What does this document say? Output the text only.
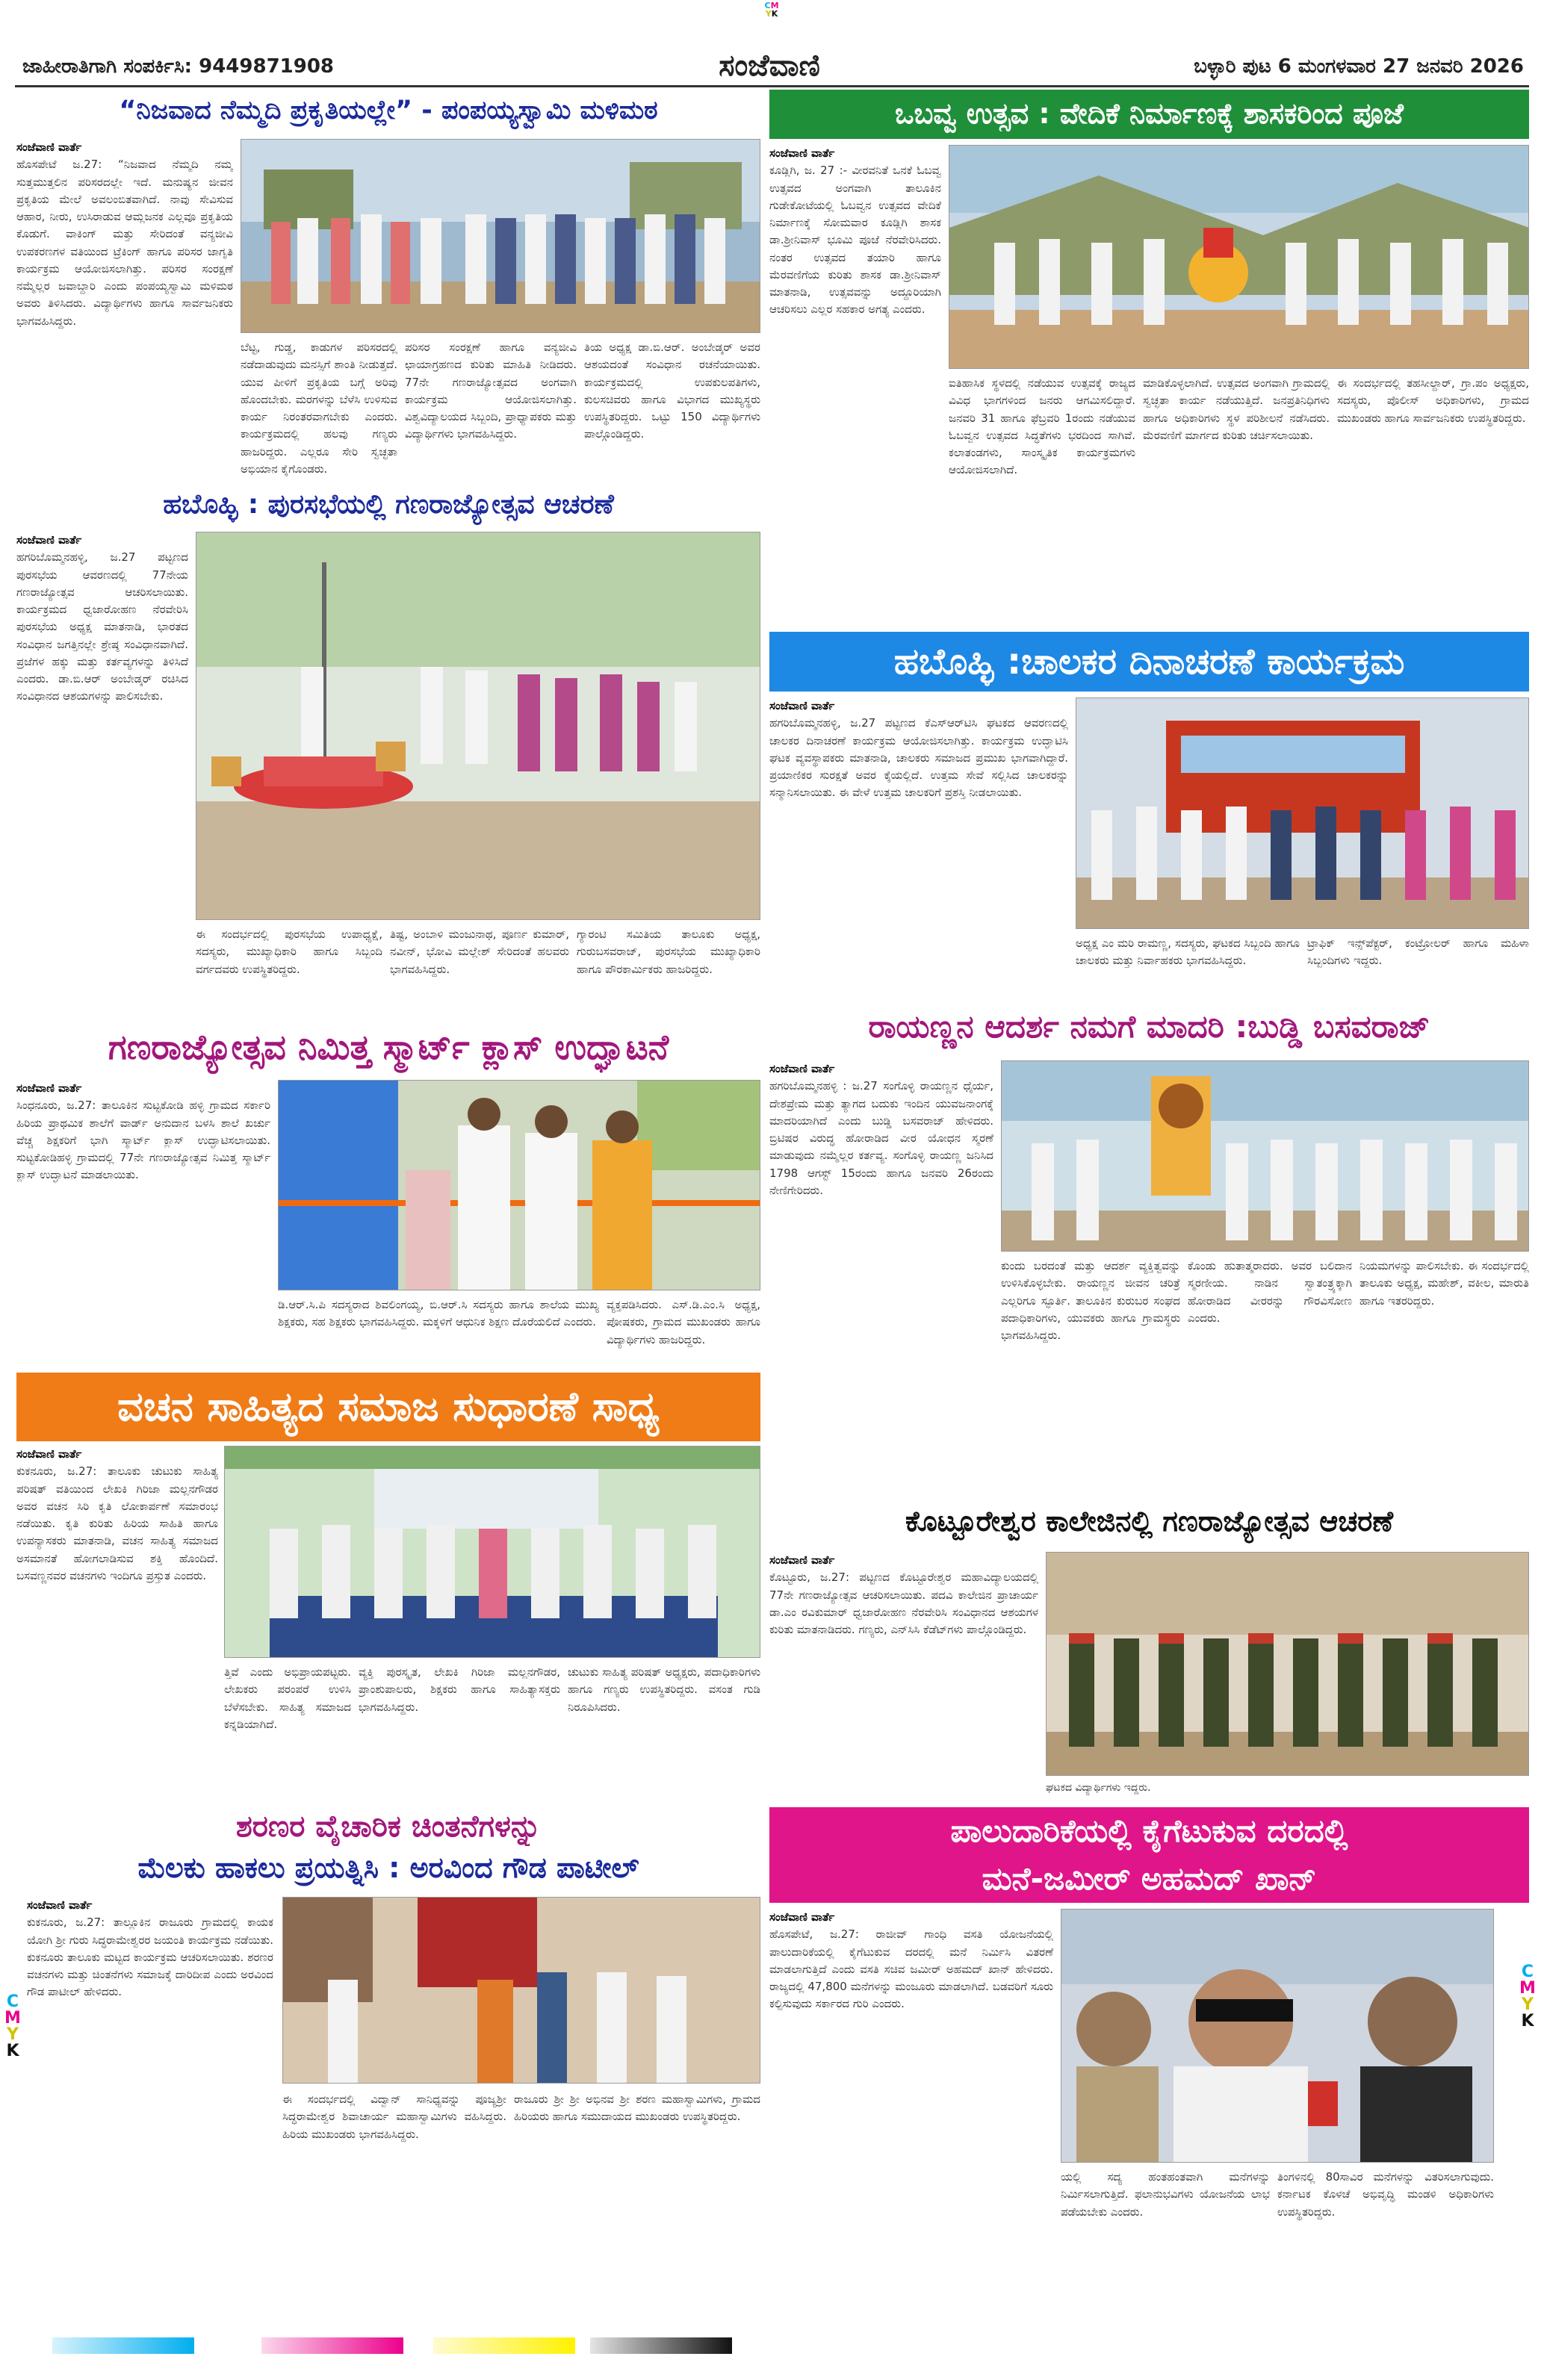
CM
YK
ಜಾಹೀರಾತಿಗಾಗಿ ಸಂಪರ್ಕಿಸಿ: 9449871908	ಸಂಜೆವಾಣಿ	ಬಳ್ಳಾರಿ ಪುಟ 6 ಮಂಗಳವಾರ 27 ಜನವರಿ 2026
“ನಿಜವಾದ ನೆಮ್ಮದಿ ಪ್ರಕೃತಿಯಲ್ಲೇ” - ಪಂಪಯ್ಯಸ್ವಾಮಿ ಮಳಿಮಠ
ಸಂಜೆವಾಣಿ ವಾರ್ತೆ
ಹೊಸಪೇಟೆ ಜ.27: “ನಿಜವಾದ ನೆಮ್ಮದಿ ನಮ್ಮ ಸುತ್ತಮುತ್ತಲಿನ ಪರಿಸರದಲ್ಲೇ ಇದೆ. ಮನುಷ್ಯನ ಜೀವನ ಪ್ರಕೃತಿಯ ಮೇಲೆ ಅವಲಂಬಿತವಾಗಿದೆ. ನಾವು ಸೇವಿಸುವ ಆಹಾರ, ನೀರು, ಉಸಿರಾಡುವ ಆಮ್ಲಜನಕ ಎಲ್ಲವೂ ಪ್ರಕೃತಿಯ ಕೊಡುಗೆ. ವಾಕಿಂಗ್ ಮತ್ತು ಸೇರಿದಂತೆ ವನ್ಯಜೀವಿ ಉಪಕರಣಗಳ ವತಿಯಿಂದ ಟ್ರೆಕಿಂಗ್ ಹಾಗೂ ಪರಿಸರ ಜಾಗೃತಿ ಕಾರ್ಯಕ್ರಮ ಆಯೋಜಿಸಲಾಗಿತ್ತು. ಪರಿಸರ ಸಂರಕ್ಷಣೆ ನಮ್ಮೆಲ್ಲರ ಜವಾಬ್ದಾರಿ ಎಂದು ಪಂಪಯ್ಯಸ್ವಾಮಿ ಮಳಿಮಠ ಅವರು ತಿಳಿಸಿದರು. ವಿದ್ಯಾರ್ಥಿಗಳು ಹಾಗೂ ಸಾರ್ವಜನಿಕರು ಭಾಗವಹಿಸಿದ್ದರು.
ಬೆಟ್ಟ, ಗುಡ್ಡ, ಕಾಡುಗಳ ಪರಿಸರದಲ್ಲಿ ನಡೆದಾಡುವುದು ಮನಸ್ಸಿಗೆ ಶಾಂತಿ ನೀಡುತ್ತದೆ. ಯುವ ಪೀಳಿಗೆ ಪ್ರಕೃತಿಯ ಬಗ್ಗೆ ಅರಿವು ಹೊಂದಬೇಕು. ಮರಗಳನ್ನು ಬೆಳೆಸಿ ಉಳಿಸುವ ಕಾರ್ಯ ನಿರಂತರವಾಗಬೇಕು ಎಂದರು. ಕಾರ್ಯಕ್ರಮದಲ್ಲಿ ಹಲವು ಗಣ್ಯರು ಹಾಜರಿದ್ದರು. ಎಲ್ಲರೂ ಸೇರಿ ಸ್ವಚ್ಛತಾ ಅಭಿಯಾನ ಕೈಗೊಂಡರು.
ಪರಿಸರ ಸಂರಕ್ಷಣೆ ಹಾಗೂ ವನ್ಯಜೀವಿ ಛಾಯಾಗ್ರಹಣದ ಕುರಿತು ಮಾಹಿತಿ ನೀಡಿದರು. 77ನೇ ಗಣರಾಜ್ಯೋತ್ಸವದ ಅಂಗವಾಗಿ ಕಾರ್ಯಕ್ರಮ ಆಯೋಜಿಸಲಾಗಿತ್ತು. ವಿಶ್ವವಿದ್ಯಾಲಯದ ಸಿಬ್ಬಂದಿ, ಪ್ರಾಧ್ಯಾಪಕರು ಮತ್ತು ವಿದ್ಯಾರ್ಥಿಗಳು ಭಾಗವಹಿಸಿದ್ದರು.
ತಿಯ ಅಧ್ಯಕ್ಷ ಡಾ.ಬಿ.ಆರ್. ಅಂಬೇಡ್ಕರ್ ಅವರ ಆಶಯದಂತೆ ಸಂವಿಧಾನ ರಚನೆಯಾಯಿತು. ಕಾರ್ಯಕ್ರಮದಲ್ಲಿ ಉಪಕುಲಪತಿಗಳು, ಕುಲಸಚಿವರು ಹಾಗೂ ವಿಭಾಗದ ಮುಖ್ಯಸ್ಥರು ಉಪಸ್ಥಿತರಿದ್ದರು. ಒಟ್ಟು 150 ವಿದ್ಯಾರ್ಥಿಗಳು ಪಾಲ್ಗೊಂಡಿದ್ದರು.
ಹಬೊಹ್ಳಿ : ಪುರಸಭೆಯಲ್ಲಿ ಗಣರಾಜ್ಯೋತ್ಸವ ಆಚರಣೆ
ಸಂಜೆವಾಣಿ ವಾರ್ತೆ
ಹಗರಿಬೊಮ್ಮನಹಳ್ಳಿ, ಜ.27 ಪಟ್ಟಣದ ಪುರಸಭೆಯ ಆವರಣದಲ್ಲಿ 77ನೇಯ ಗಣರಾಜ್ಯೋತ್ಸವ ಆಚರಿಸಲಾಯಿತು. ಕಾರ್ಯಕ್ರಮದ ಧ್ವಜಾರೋಹಣ ನೆರವೇರಿಸಿ ಪುರಸಭೆಯ ಅಧ್ಯಕ್ಷ ಮಾತನಾಡಿ, ಭಾರತದ ಸಂವಿಧಾನ ಜಗತ್ತಿನಲ್ಲೇ ಶ್ರೇಷ್ಠ ಸಂವಿಧಾನವಾಗಿದೆ. ಪ್ರಜೆಗಳ ಹಕ್ಕು ಮತ್ತು ಕರ್ತವ್ಯಗಳನ್ನು ತಿಳಿಸಿದೆ ಎಂದರು. ಡಾ.ಬಿ.ಆರ್ ಅಂಬೇಡ್ಕರ್ ರಚಿಸಿದ ಸಂವಿಧಾನದ ಆಶಯಗಳನ್ನು ಪಾಲಿಸಬೇಕು.
ಈ ಸಂದರ್ಭದಲ್ಲಿ ಪುರಸಭೆಯ ಉಪಾಧ್ಯಕ್ಷೆ, ಸದಸ್ಯರು, ಮುಖ್ಯಾಧಿಕಾರಿ ಹಾಗೂ ಸಿಬ್ಬಂದಿ ವರ್ಗದವರು ಉಪಸ್ಥಿತರಿದ್ದರು.
ತಿಷ್ಟ, ಅಂಬಾಳಿ ಮಂಜುನಾಥ, ಪೂರ್ಣ ಕುಮಾರ್, ನವೀನ್, ಭೋವಿ ಮಲ್ಲೇಶ್ ಸೇರಿದಂತೆ ಹಲವರು ಭಾಗವಹಿಸಿದ್ದರು.
ಗ್ಯಾರಂಟಿ ಸಮಿತಿಯ ತಾಲೂಕು ಅಧ್ಯಕ್ಷ, ಗುರುಬಸವರಾಜ್, ಪುರಸಭೆಯ ಮುಖ್ಯಾಧಿಕಾರಿ ಹಾಗೂ ಪೌರಕಾರ್ಮಿಕರು ಹಾಜರಿದ್ದರು.
ಗಣರಾಜ್ಯೋತ್ಸವ ನಿಮಿತ್ತ ಸ್ಮಾರ್ಟ್ ಕ್ಲಾಸ್ ಉದ್ಘಾಟನೆ
ಸಂಜೆವಾಣಿ ವಾರ್ತೆ
ಸಿಂಧನೂರು, ಜ.27: ತಾಲೂಕಿನ ಸುಟ್ಟಕೋಡಿ ಹಳ್ಳಿ ಗ್ರಾಮದ ಸರ್ಕಾರಿ ಹಿರಿಯ ಪ್ರಾಥಮಿಕ ಶಾಲೆಗೆ ವಾರ್ಡ್ ಅನುದಾನ ಬಳಸಿ ಶಾಲೆ ಖರ್ಚು ವೆಚ್ಚ ಶಿಕ್ಷಕರಿಗೆ ಭಾಗಿ ಸ್ಮಾರ್ಟ್ ಕ್ಲಾಸ್ ಉದ್ಘಾಟಿಸಲಾಯಿತು. ಸುಟ್ಟಕೋಡಿಹಳ್ಳಿ ಗ್ರಾಮದಲ್ಲಿ 77ನೇ ಗಣರಾಜ್ಯೋತ್ಸವ ನಿಮಿತ್ತ ಸ್ಮಾರ್ಟ್ ಕ್ಲಾಸ್ ಉದ್ಘಾಟನೆ ಮಾಡಲಾಯಿತು.
ಡಿ.ಆರ್.ಸಿ.ಪಿ ಸದಸ್ಯರಾದ ಶಿವಲಿಂಗಯ್ಯ, ಬಿ.ಆರ್.ಸಿ ಸದಸ್ಯರು ಹಾಗೂ ಶಾಲೆಯ ಮುಖ್ಯ ಶಿಕ್ಷಕರು, ಸಹ ಶಿಕ್ಷಕರು ಭಾಗವಹಿಸಿದ್ದರು. ಮಕ್ಕಳಿಗೆ ಆಧುನಿಕ ಶಿಕ್ಷಣ ದೊರೆಯಲಿದೆ ಎಂದರು.
ವ್ಯಕ್ತಪಡಿಸಿದರು. ಎಸ್.ಡಿ.ಎಂ.ಸಿ ಅಧ್ಯಕ್ಷ, ಪೋಷಕರು, ಗ್ರಾಮದ ಮುಖಂಡರು ಹಾಗೂ ವಿದ್ಯಾರ್ಥಿಗಳು ಹಾಜರಿದ್ದರು.
ವಚನ ಸಾಹಿತ್ಯದ ಸಮಾಜ ಸುಧಾರಣೆ ಸಾಧ್ಯ
ಸಂಜೆವಾಣಿ ವಾರ್ತೆ
ಕುಕನೂರು, ಜ.27: ತಾಲೂಕು ಚುಟುಕು ಸಾಹಿತ್ಯ ಪರಿಷತ್ ವತಿಯಿಂದ ಲೇಖಕಿ ಗಿರಿಜಾ ಮಲ್ಲನಗೌಡರ ಅವರ ವಚನ ಸಿರಿ ಕೃತಿ ಲೋಕಾರ್ಪಣೆ ಸಮಾರಂಭ ನಡೆಯಿತು. ಕೃತಿ ಕುರಿತು ಹಿರಿಯ ಸಾಹಿತಿ ಹಾಗೂ ಉಪನ್ಯಾಸಕರು ಮಾತನಾಡಿ, ವಚನ ಸಾಹಿತ್ಯ ಸಮಾಜದ ಅಸಮಾನತೆ ಹೋಗಲಾಡಿಸುವ ಶಕ್ತಿ ಹೊಂದಿದೆ. ಬಸವಣ್ಣನವರ ವಚನಗಳು ಇಂದಿಗೂ ಪ್ರಸ್ತುತ ಎಂದರು.
ತ್ತಿವೆ ಎಂದು ಅಭಿಪ್ರಾಯಪಟ್ಟರು. ಲೇಖಕರು ಪರಂಪರೆ ಉಳಿಸಿ ಬೆಳೆಸಬೇಕು. ಸಾಹಿತ್ಯ ಸಮಾಜದ ಕನ್ನಡಿಯಾಗಿದೆ.
ವ್ಯಕ್ತಿ ಪುರಸ್ಕೃತ, ಲೇಖಕಿ ಗಿರಿಜಾ ಮಲ್ಲನಗೌಡರ, ಪ್ರಾಂಶುಪಾಲರು, ಶಿಕ್ಷಕರು ಹಾಗೂ ಸಾಹಿತ್ಯಾಸಕ್ತರು ಭಾಗವಹಿಸಿದ್ದರು.
ಚುಟುಕು ಸಾಹಿತ್ಯ ಪರಿಷತ್ ಅಧ್ಯಕ್ಷರು, ಪದಾಧಿಕಾರಿಗಳು ಹಾಗೂ ಗಣ್ಯರು ಉಪಸ್ಥಿತರಿದ್ದರು. ವಸಂತ ಗುಡಿ ನಿರೂಪಿಸಿದರು.
ಶರಣರ ವೈಚಾರಿಕ ಚಿಂತನೆಗಳನ್ನು
ಮೆಲಕು ಹಾಕಲು ಪ್ರಯತ್ನಿಸಿ : ಅರವಿಂದ ಗೌಡ ಪಾಟೀಲ್
ಸಂಜೆವಾಣಿ ವಾರ್ತೆ
ಕುಕನೂರು, ಜ.27: ತಾಲ್ಲೂಕಿನ ರಾಜೂರು ಗ್ರಾಮದಲ್ಲಿ ಕಾಯಕ ಯೋಗಿ ಶ್ರೀ ಗುರು ಸಿದ್ಧರಾಮೇಶ್ವರರ ಜಯಂತಿ ಕಾರ್ಯಕ್ರಮ ನಡೆಯಿತು. ಕುಕನೂರು ತಾಲೂಕು ಮಟ್ಟದ ಕಾರ್ಯಕ್ರಮ ಆಚರಿಸಲಾಯಿತು. ಶರಣರ ವಚನಗಳು ಮತ್ತು ಚಿಂತನೆಗಳು ಸಮಾಜಕ್ಕೆ ದಾರಿದೀಪ ಎಂದು ಅರವಿಂದ ಗೌಡ ಪಾಟೀಲ್ ಹೇಳಿದರು.
ಈ ಸಂದರ್ಭದಲ್ಲಿ ವಿದ್ವಾನ್ ಸಾನಿಧ್ಯವನ್ನು ಪೂಜ್ಯಶ್ರೀ ಸಿದ್ಧರಾಮೇಶ್ವರ ಶಿವಾಚಾರ್ಯ ಮಹಾಸ್ವಾಮಿಗಳು ವಹಿಸಿದ್ದರು. ಹಿರಿಯ ಮುಖಂಡರು ಭಾಗವಹಿಸಿದ್ದರು.
ರಾಜೂರು ಶ್ರೀ ಶ್ರೀ ಅಭಿನವ ಶ್ರೀ ಶರಣ ಮಹಾಸ್ವಾಮಿಗಳು, ಗ್ರಾಮದ ಹಿರಿಯರು ಹಾಗೂ ಸಮುದಾಯದ ಮುಖಂಡರು ಉಪಸ್ಥಿತರಿದ್ದರು.
ಒಬವ್ವ ಉತ್ಸವ : ವೇದಿಕೆ ನಿರ್ಮಾಣಕ್ಕೆ ಶಾಸಕರಿಂದ ಪೂಜೆ
ಸಂಜೆವಾಣಿ ವಾರ್ತೆ
ಕೂಡ್ಲಿಗಿ, ಜ. 27 :- ವೀರವನಿತೆ ಒನಕೆ ಓಬವ್ವ ಉತ್ಸವದ ಅಂಗವಾಗಿ ತಾಲೂಕಿನ ಗುಡೇಕೋಟೆಯಲ್ಲಿ ಓಬವ್ವನ ಉತ್ಸವದ ವೇದಿಕೆ ನಿರ್ಮಾಣಕ್ಕೆ ಸೋಮವಾರ ಕೂಡ್ಲಿಗಿ ಶಾಸಕ ಡಾ.ಶ್ರೀನಿವಾಸ್ ಭೂಮಿ ಪೂಜೆ ನೆರವೇರಿಸಿದರು. ನಂತರ ಉತ್ಸವದ ತಯಾರಿ ಹಾಗೂ ಮೆರವಣಿಗೆಯ ಕುರಿತು ಶಾಸಕ ಡಾ.ಶ್ರೀನಿವಾಸ್ ಮಾತನಾಡಿ, ಉತ್ಸವವನ್ನು ಅದ್ದೂರಿಯಾಗಿ ಆಚರಿಸಲು ಎಲ್ಲರ ಸಹಕಾರ ಅಗತ್ಯ ಎಂದರು.
ಐತಿಹಾಸಿಕ ಸ್ಥಳದಲ್ಲಿ ನಡೆಯುವ ಉತ್ಸವಕ್ಕೆ ರಾಜ್ಯದ ವಿವಿಧ ಭಾಗಗಳಿಂದ ಜನರು ಆಗಮಿಸಲಿದ್ದಾರೆ. ಜನವರಿ 31 ಹಾಗೂ ಫೆಬ್ರವರಿ 1ರಂದು ನಡೆಯುವ ಓಬವ್ವನ ಉತ್ಸವದ ಸಿದ್ಧತೆಗಳು ಭರದಿಂದ ಸಾಗಿವೆ. ಕಲಾತಂಡಗಳು, ಸಾಂಸ್ಕೃತಿಕ ಕಾರ್ಯಕ್ರಮಗಳು ಆಯೋಜಿಸಲಾಗಿದೆ.
ಮಾಡಿಕೊಳ್ಳಲಾಗಿದೆ. ಉತ್ಸವದ ಅಂಗವಾಗಿ ಗ್ರಾಮದಲ್ಲಿ ಸ್ವಚ್ಛತಾ ಕಾರ್ಯ ನಡೆಯುತ್ತಿದೆ. ಜನಪ್ರತಿನಿಧಿಗಳು ಹಾಗೂ ಅಧಿಕಾರಿಗಳು ಸ್ಥಳ ಪರಿಶೀಲನೆ ನಡೆಸಿದರು. ಮೆರವಣಿಗೆ ಮಾರ್ಗದ ಕುರಿತು ಚರ್ಚಿಸಲಾಯಿತು.
ಈ ಸಂದರ್ಭದಲ್ಲಿ ತಹಸೀಲ್ದಾರ್, ಗ್ರಾ.ಪಂ ಅಧ್ಯಕ್ಷರು, ಸದಸ್ಯರು, ಪೊಲೀಸ್ ಅಧಿಕಾರಿಗಳು, ಗ್ರಾಮದ ಮುಖಂಡರು ಹಾಗೂ ಸಾರ್ವಜನಿಕರು ಉಪಸ್ಥಿತರಿದ್ದರು.
ಹಬೊಹ್ಳಿ :ಚಾಲಕರ ದಿನಾಚರಣೆ ಕಾರ್ಯಕ್ರಮ
ಸಂಜೆವಾಣಿ ವಾರ್ತೆ
ಹಗರಿಬೊಮ್ಮನಹಳ್ಳಿ, ಜ.27 ಪಟ್ಟಣದ ಕೆಎಸ್ಆರ್‌ಟಿಸಿ ಘಟಕದ ಆವರಣದಲ್ಲಿ ಚಾಲಕರ ದಿನಾಚರಣೆ ಕಾರ್ಯಕ್ರಮ ಆಯೋಜಿಸಲಾಗಿತ್ತು. ಕಾರ್ಯಕ್ರಮ ಉದ್ಘಾಟಿಸಿ ಘಟಕ ವ್ಯವಸ್ಥಾಪಕರು ಮಾತನಾಡಿ, ಚಾಲಕರು ಸಮಾಜದ ಪ್ರಮುಖ ಭಾಗವಾಗಿದ್ದಾರೆ. ಪ್ರಯಾಣಿಕರ ಸುರಕ್ಷತೆ ಅವರ ಕೈಯಲ್ಲಿದೆ. ಉತ್ತಮ ಸೇವೆ ಸಲ್ಲಿಸಿದ ಚಾಲಕರನ್ನು ಸನ್ಮಾನಿಸಲಾಯಿತು. ಈ ವೇಳೆ ಉತ್ತಮ ಚಾಲಕರಿಗೆ ಪ್ರಶಸ್ತಿ ನೀಡಲಾಯಿತು.
ಅಧ್ಯಕ್ಷ ಎಂ ಮರಿ ರಾಮಣ್ಣ, ಸದಸ್ಯರು, ಘಟಕದ ಸಿಬ್ಬಂದಿ ಹಾಗೂ ಚಾಲಕರು ಮತ್ತು ನಿರ್ವಾಹಕರು ಭಾಗವಹಿಸಿದ್ದರು.
ಟ್ರಾಫಿಕ್ ಇನ್ಸ್‌ಪೆಕ್ಟರ್, ಕಂಟ್ರೋಲರ್ ಹಾಗೂ ಮಹಿಳಾ ಸಿಬ್ಬಂದಿಗಳು ಇದ್ದರು.
ರಾಯಣ್ಣನ ಆದರ್ಶ ನಮಗೆ ಮಾದರಿ :ಬುಡ್ಡಿ ಬಸವರಾಜ್
ಸಂಜೆವಾಣಿ ವಾರ್ತೆ
ಹಗರಿಬೊಮ್ಮನಹಳ್ಳಿ : ಜ.27 ಸಂಗೊಳ್ಳಿ ರಾಯಣ್ಣನ ಧೈರ್ಯ, ದೇಶಪ್ರೇಮ ಮತ್ತು ತ್ಯಾಗದ ಬದುಕು ಇಂದಿನ ಯುವಜನಾಂಗಕ್ಕೆ ಮಾದರಿಯಾಗಿದೆ ಎಂದು ಬುಡ್ಡಿ ಬಸವರಾಜ್ ಹೇಳಿದರು. ಬ್ರಿಟಿಷರ ವಿರುದ್ಧ ಹೋರಾಡಿದ ವೀರ ಯೋಧನ ಸ್ಮರಣೆ ಮಾಡುವುದು ನಮ್ಮೆಲ್ಲರ ಕರ್ತವ್ಯ. ಸಂಗೊಳ್ಳಿ ರಾಯಣ್ಣ ಜನಿಸಿದ 1798 ಆಗಸ್ಟ್ 15ರಂದು ಹಾಗೂ ಜನವರಿ 26ರಂದು ನೇಣಿಗೇರಿದರು.
ಕುಂದು ಬರದಂತೆ ಮತ್ತು ಆದರ್ಶ ವ್ಯಕ್ತಿತ್ವವನ್ನು ಉಳಿಸಿಕೊಳ್ಳಬೇಕು. ರಾಯಣ್ಣನ ಜೀವನ ಚರಿತ್ರೆ ಎಲ್ಲರಿಗೂ ಸ್ಫೂರ್ತಿ. ತಾಲೂಕಿನ ಕುರುಬರ ಸಂಘದ ಪದಾಧಿಕಾರಿಗಳು, ಯುವಕರು ಹಾಗೂ ಗ್ರಾಮಸ್ಥರು ಭಾಗವಹಿಸಿದ್ದರು.
ಕೊಂಡು ಹುತಾತ್ಮರಾದರು. ಅವರ ಬಲಿದಾನ ಸ್ಮರಣೀಯ. ನಾಡಿನ ಸ್ವಾತಂತ್ರ್ಯಕ್ಕಾಗಿ ಹೋರಾಡಿದ ವೀರರನ್ನು ಗೌರವಿಸೋಣ ಎಂದರು.
ನಿಯಮಗಳನ್ನು ಪಾಲಿಸಬೇಕು. ಈ ಸಂದರ್ಭದಲ್ಲಿ ತಾಲೂಕು ಅಧ್ಯಕ್ಷ, ಮಹೇಶ್, ವಕೀಲ, ಮಾರುತಿ ಹಾಗೂ ಇತರರಿದ್ದರು.
ಕೊಟ್ಟೂರೇಶ್ವರ ಕಾಲೇಜಿನಲ್ಲಿ ಗಣರಾಜ್ಯೋತ್ಸವ ಆಚರಣೆ
ಸಂಜೆವಾಣಿ ವಾರ್ತೆ
ಕೊಟ್ಟೂರು, ಜ.27: ಪಟ್ಟಣದ ಕೊಟ್ಟೂರೇಶ್ವರ ಮಹಾವಿದ್ಯಾಲಯದಲ್ಲಿ 77ನೇ ಗಣರಾಜ್ಯೋತ್ಸವ ಆಚರಿಸಲಾಯಿತು. ಪದವಿ ಕಾಲೇಜಿನ ಪ್ರಾಚಾರ್ಯ ಡಾ.ಎಂ ರವಿಕುಮಾರ್ ಧ್ವಜಾರೋಹಣ ನೆರವೇರಿಸಿ ಸಂವಿಧಾನದ ಆಶಯಗಳ ಕುರಿತು ಮಾತನಾಡಿದರು. ಗಣ್ಯರು, ಎನ್‌ಸಿಸಿ ಕೆಡೆಟ್‌ಗಳು ಪಾಲ್ಗೊಂಡಿದ್ದರು.
ಘಟಕದ ವಿದ್ಯಾರ್ಥಿಗಳು ಇದ್ದರು.
ಪಾಲುದಾರಿಕೆಯಲ್ಲಿ ಕೈಗೆಟುಕುವ ದರದಲ್ಲಿ
ಮನೆ-ಜಮೀರ್ ಅಹಮದ್ ಖಾನ್
ಸಂಜೆವಾಣಿ ವಾರ್ತೆ
ಹೊಸಪೇಟೆ, ಜ.27: ರಾಜೀವ್ ಗಾಂಧಿ ವಸತಿ ಯೋಜನೆಯಲ್ಲಿ ಪಾಲುದಾರಿಕೆಯಲ್ಲಿ ಕೈಗೆಟುಕುವ ದರದಲ್ಲಿ ಮನೆ ನಿರ್ಮಿಸಿ ವಿತರಣೆ ಮಾಡಲಾಗುತ್ತಿದೆ ಎಂದು ವಸತಿ ಸಚಿವ ಜಮೀರ್ ಅಹಮದ್ ಖಾನ್ ಹೇಳಿದರು. ರಾಜ್ಯದಲ್ಲಿ 47,800 ಮನೆಗಳನ್ನು ಮಂಜೂರು ಮಾಡಲಾಗಿದೆ. ಬಡವರಿಗೆ ಸೂರು ಕಲ್ಪಿಸುವುದು ಸರ್ಕಾರದ ಗುರಿ ಎಂದರು.
ಯಲ್ಲಿ ಸದ್ಯ ಹಂತಹಂತವಾಗಿ ಮನೆಗಳನ್ನು ನಿರ್ಮಿಸಲಾಗುತ್ತಿದೆ. ಫಲಾನುಭವಿಗಳು ಯೋಜನೆಯ ಲಾಭ ಪಡೆಯಬೇಕು ಎಂದರು.
ತಿಂಗಳಿನಲ್ಲಿ 80ಸಾವಿರ ಮನೆಗಳನ್ನು ವಿತರಿಸಲಾಗುವುದು. ಕರ್ನಾಟಕ ಕೊಳಚೆ ಅಭಿವೃದ್ಧಿ ಮಂಡಳಿ ಅಧಿಕಾರಿಗಳು ಉಪಸ್ಥಿತರಿದ್ದರು.
C
M
Y
K
C
M
Y
K
